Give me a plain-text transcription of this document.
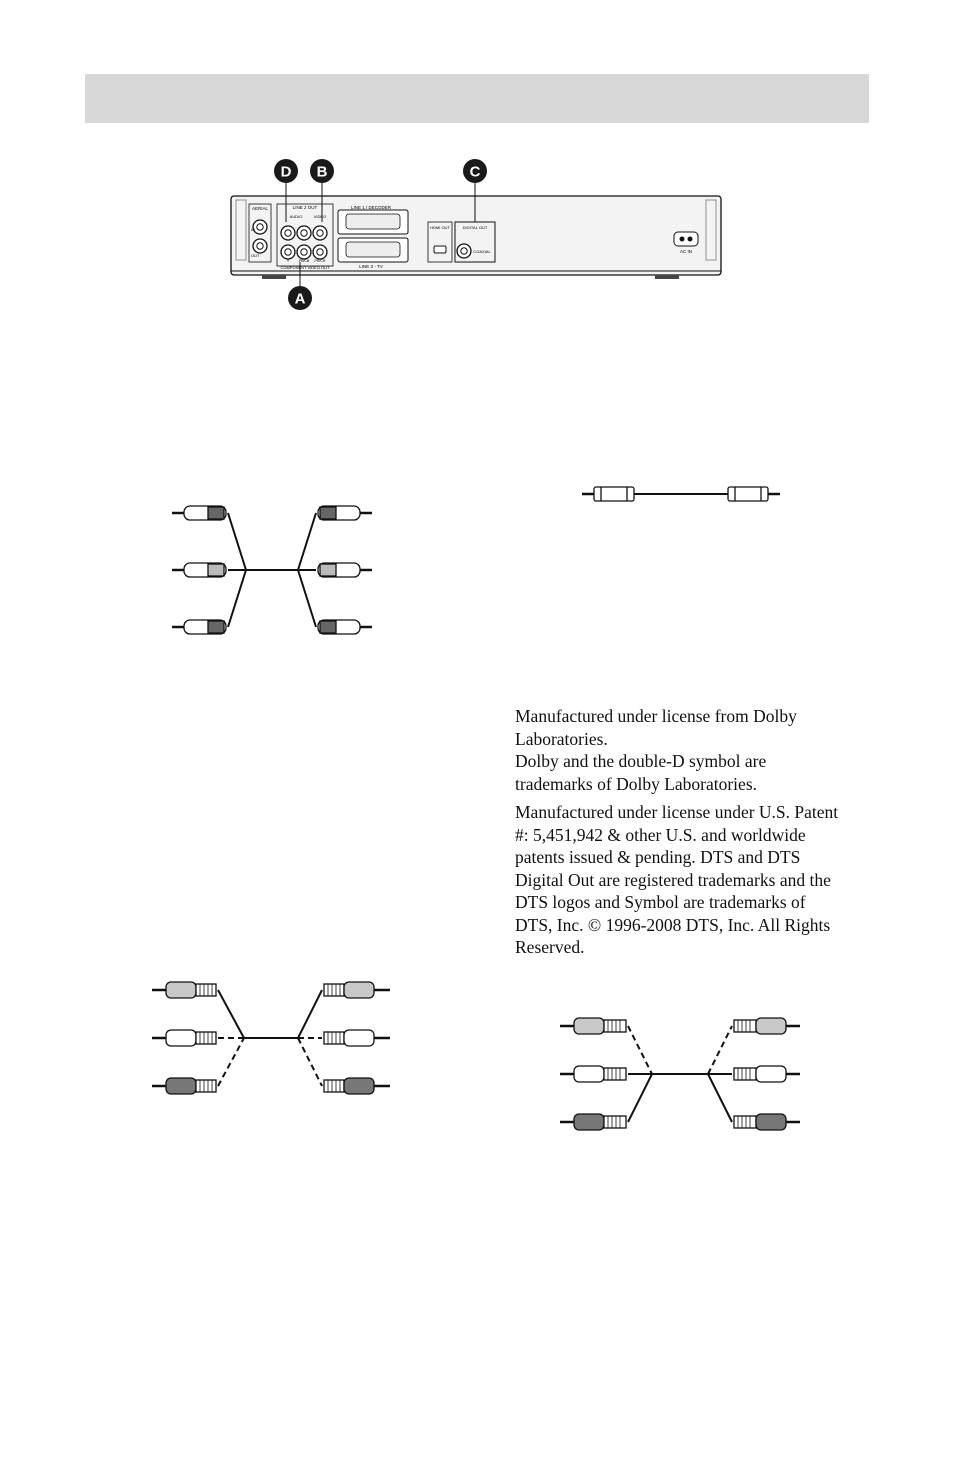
AERIAL
IN
OUT
LINE 2 OUT
AUDIO	VIDEO
Y	PB/CB PR/CR
COMPONENT VIDEO OUT
LINE 1 / DECODER
LINE 3 - TV
HDMI OUT	DIGITAL OUT
COAXIAL	AC IN
D B	C
A

Manufactured under license from Dolby
Laboratories.
Dolby and the double-D symbol are
trademarks of Dolby Laboratories.

Manufactured under license under U.S. Patent
#: 5,451,942 & other U.S. and worldwide
patents issued & pending. DTS and DTS
Digital Out are registered trademarks and the
DTS logos and Symbol are trademarks of
DTS, Inc. © 1996-2008 DTS, Inc. All Rights
Reserved.
